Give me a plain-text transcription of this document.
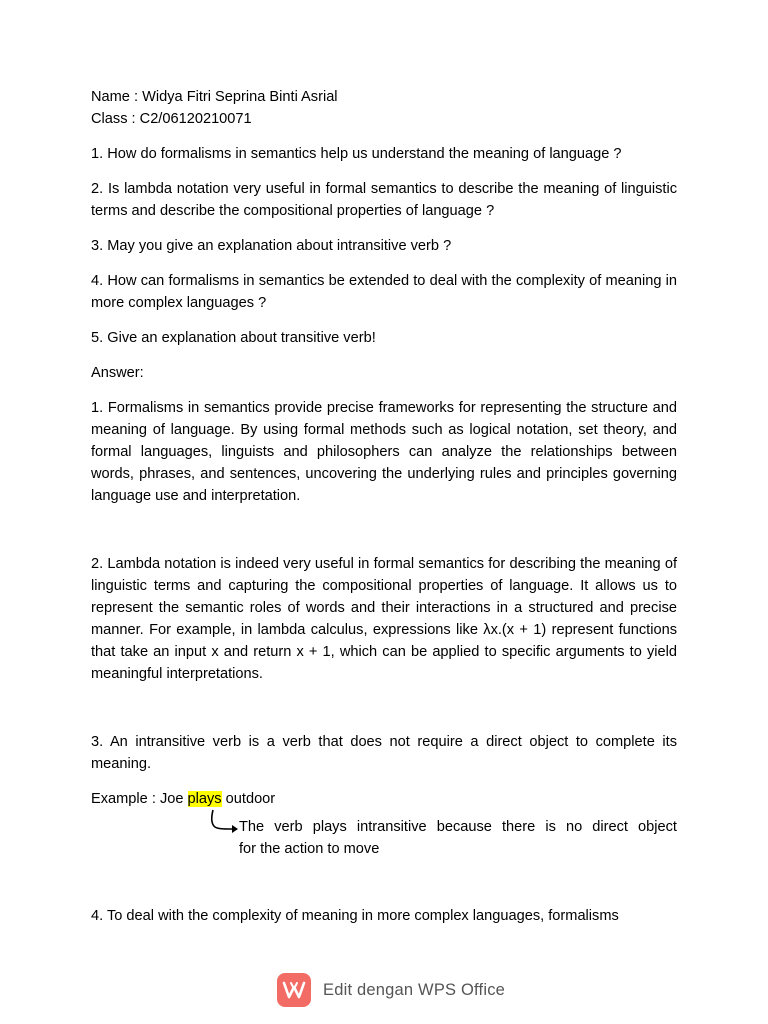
Name : Widya Fitri Seprina Binti Asrial
Class : C2/06120210071

1. How do formalisms in semantics help us understand the meaning of language ?

2. Is lambda notation very useful in formal semantics to describe the meaning of linguistic terms and describe the compositional properties of language ?

3. May you give an explanation about intransitive verb ?

4. How can formalisms in semantics be extended to deal with the complexity of meaning in more complex languages ?

5. Give an explanation about transitive verb!

Answer:

1. Formalisms in semantics provide precise frameworks for representing the structure and meaning of language. By using formal methods such as logical notation, set theory, and formal languages, linguists and philosophers can analyze the relationships between words, phrases, and sentences, uncovering the underlying rules and principles governing language use and interpretation.

2. Lambda notation is indeed very useful in formal semantics for describing the meaning of linguistic terms and capturing the compositional properties of language. It allows us to represent the semantic roles of words and their interactions in a structured and precise manner. For example, in lambda calculus, expressions like λx.(x + 1) represent functions that take an input x and return x + 1, which can be applied to specific arguments to yield meaningful interpretations.

3. An intransitive verb is a verb that does not require a direct object to complete its meaning.

Example : Joe plays outdoor

The verb plays intransitive because there is no direct object

for the action to move

4. To deal with the complexity of meaning in more complex languages, formalisms

Edit dengan WPS Office
